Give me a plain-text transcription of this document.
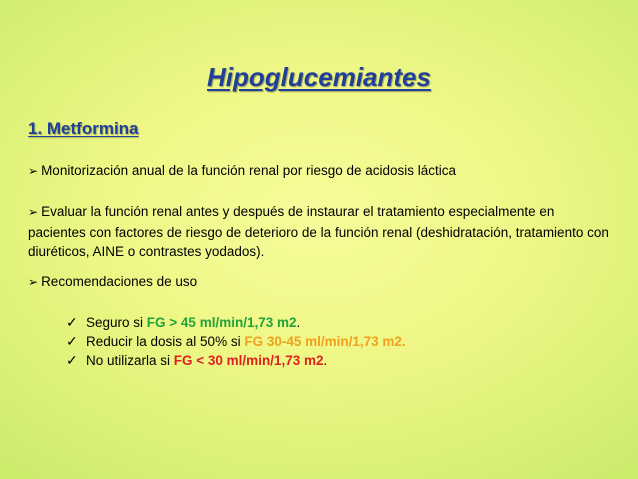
Hipoglucemiantes
1. Metformina
➢ Monitorización anual de la función renal por riesgo de acidosis láctica
➢ Evaluar la función renal antes y después de instaurar el tratamiento especialmente en pacientes con factores de riesgo de deterioro de la función renal (deshidratación, tratamiento con diuréticos, AINE o contrastes yodados).
➢ Recomendaciones de uso
✓ Seguro si FG > 45 ml/min/1,73 m2.
✓ Reducir la dosis al 50% si FG 30-45 ml/min/1,73 m2.
✓ No utilizarla si FG < 30 ml/min/1,73 m2.
